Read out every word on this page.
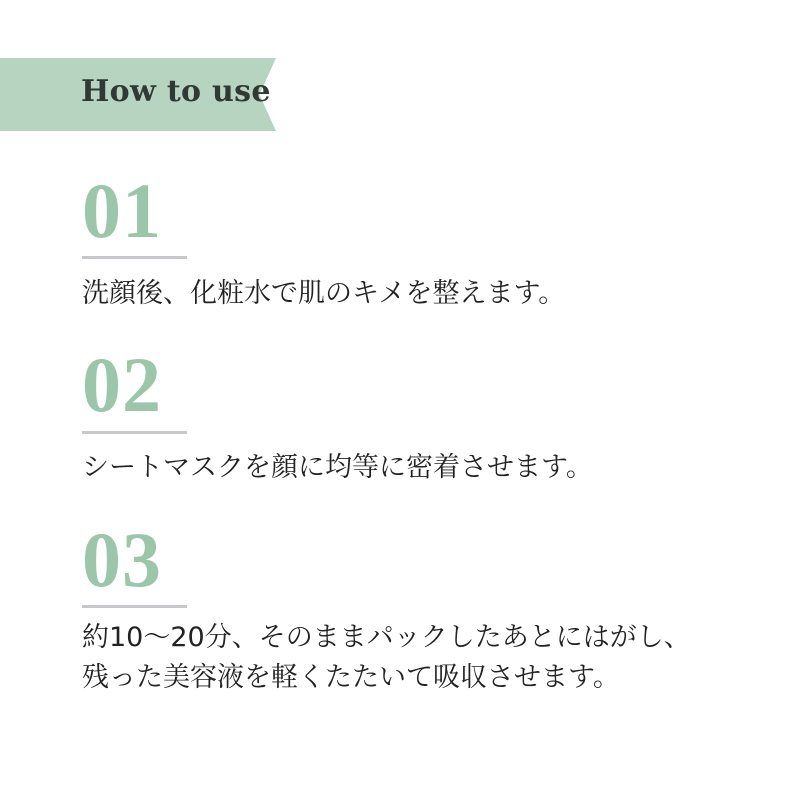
How to use
01
洗顔後、化粧水で肌のキメを整えます。
02
シートマスクを顔に均等に密着させます。
03
約10〜20分、そのままパックしたあとにはがし、
残った美容液を軽くたたいて吸収させます。
